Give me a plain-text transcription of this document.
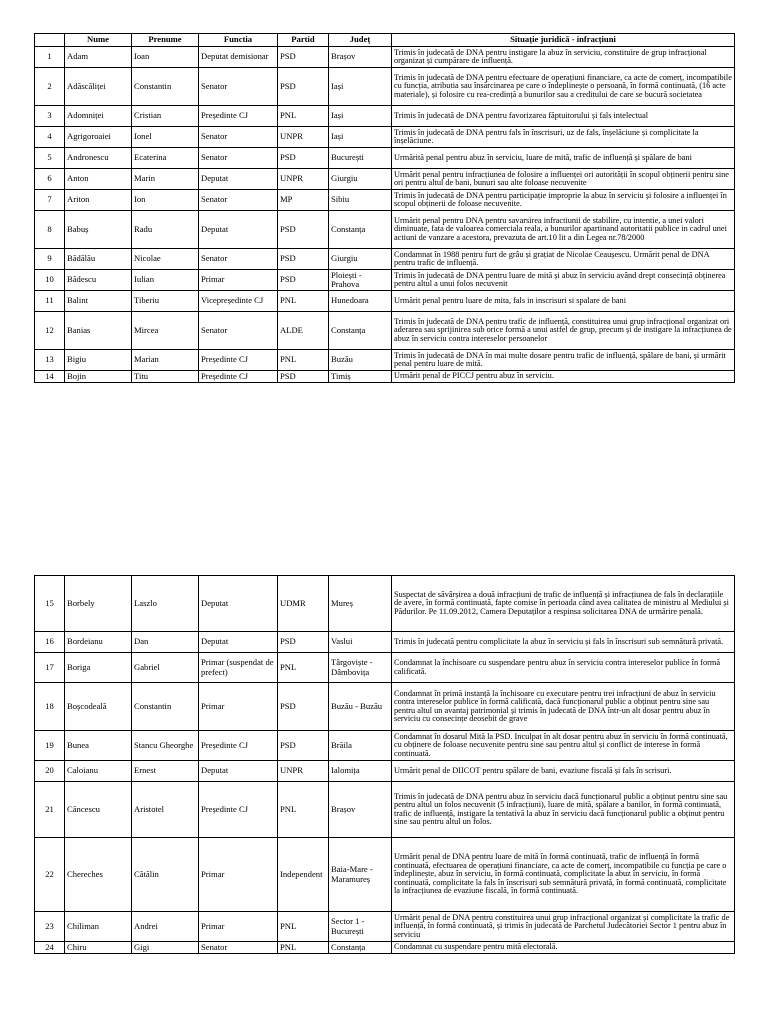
	Nume	Prenume	Functia	Partid	Județ	Situație juridică - infracțiuni
1	Adam	Ioan	Deputat demisionar	PSD	Brașov	Trimis în judecată de DNA pentru instigare la abuz în serviciu, constituire de grup infracțional organizat și cumpărare de influență.
2	Adăscăliței	Constantin	Senator	PSD	Iași	Trimis în judecată de DNA pentru efectuare de operațiuni financiare, ca acte de comerț, incompatibile cu funcția, atributia sau însărcinarea pe care o îndeplinește o persoană, în formă continuată, (16 acte materiale), și folosire cu rea-credință a bunurilor sau a creditului de care se bucură societatea
3	Adomniței	Cristian	Președinte CJ	PNL	Iași	Trimis în judecată de DNA pentru favorizarea făptuitorului și fals intelectual
4	Agrigoroaiei	Ionel	Senator	UNPR	Iași	Trimis în judecată de DNA pentru fals în înscrisuri, uz de fals, înșelăciune și complicitate la înșelăciune.
5	Andronescu	Ecaterina	Senator	PSD	București	Urmărită penal pentru abuz în serviciu, luare de mită, trafic de influență și spălare de bani
6	Anton	Marin	Deputat	UNPR	Giurgiu	Urmărit penal pentru infracțiunea de folosire a influenței ori autorității în scopul obținerii pentru sine ori pentru altul de bani, bunuri sau alte foloase necuvenite
7	Ariton	Ion	Senator	MP	Sibiu	Trimis în judecată de DNA pentru participație improprie la abuz în serviciu și folosire a influenței în scopul obținerii de foloase necuvenite.
8	Babuș	Radu	Deputat	PSD	Constanța	Urmărit penal pentru DNA pentru savarsirea infractiunii de stabilire, cu intentie, a unei valori diminuate, fata de valoarea comerciala reala, a bunurilor apartinand autoritatii publice in cadrul unei actiuni de vanzare a acestora, prevazuta de art.10 lit a din Legea nr.78/2000
9	Bădălău	Nicolae	Senator	PSD	Giurgiu	Condamnat în 1988 pentru furt de grâu și grațiat de Nicolae Ceaușescu. Urmărit penal de DNA pentru trafic de influență.
10	Bădescu	Iulian	Primar	PSD	Ploiești - Prahova	Trimis în judecată de DNA pentru luare de mită și abuz în serviciu având drept consecință obținerea pentru altul a unui folos necuvenit
11	Balint	Tiberiu	Vicepreședinte CJ	PNL	Hunedoara	Urmărit penal pentru luare de mita, fals in inscrisuri si spalare de bani
12	Banias	Mircea	Senator	ALDE	Constanța	Trimis în judecată de DNA pentru trafic de influență, constituirea unui grup infracțional organizat ori aderarea sau sprijinirea sub orice formă a unui astfel de grup, precum și de instigare la infracțiunea de abuz în serviciu contra intereselor persoanelor
13	Bigiu	Marian	Președinte CJ	PNL	Buzău	Trimis în judecată de DNA în mai multe dosare pentru trafic de influență, spălare de bani, și urmărit penal pentru luare de mită.
14	Bojin	Titu	Președinte CJ	PSD	Timiș	Urmărit penal de PICCJ pentru abuz în serviciu.
15	Borbely	Laszlo	Deputat	UDMR	Mureș	Suspectat de săvârșirea a două infracțiuni de trafic de influență și infracțiunea de fals în declarațiile de avere, în formă continuată, fapte comise în perioada când avea calitatea de ministru al Mediului și Pădurilor. Pe 11.09.2012, Camera Deputaților a respinsa solicitarea DNA de urmărire penală.
16	Bordeianu	Dan	Deputat	PSD	Vaslui	Trimis în judecată pentru complicitate la abuz în serviciu și fals în înscrisuri sub semnătură privată.
17	Boriga	Gabriel	Primar (suspendat de prefect)	PNL	Târgoviște - Dâmbovița	Condamnat la închisoare cu suspendare pentru abuz în serviciu contra intereselor publice în formă calificată.
18	Boșcodeală	Constantin	Primar	PSD	Buzău - Buzău	Condamnat în primă instanță la închisoare cu executare pentru trei infracțiuni de abuz în serviciu contra intereselor publice în formă calificată, dacă funcționarul public a obținut pentru sine sau pentru altul un avantaj patrimonial și trimis în judecată de DNA într-un alt dosar pentru abuz în serviciu cu consecințe deosebit de grave
19	Bunea	Stancu Gheorghe	Președinte CJ	PSD	Brăila	Condamnat în dosarul Mită la PSD. Inculpat în alt dosar pentru abuz în serviciu în formă continuată, cu obținere de foloase necuvenite pentru sine sau pentru altul și conflict de interese în formă continuată.
20	Caloianu	Ernest	Deputat	UNPR	Ialomița	Urmărit penal de DIICOT pentru spălare de bani, evaziune fiscală și fals în scrisuri.
21	Căncescu	Aristotel	Președinte CJ	PNL	Brașov	Trimis în judecată de DNA pentru abuz în serviciu dacă funcționarul public a obținut pentru sine sau pentru altul un folos necuvenit (5 infracțiuni), luare de mită, spălare a banilor, în formă continuată, trafic de influență, instigare la tentativă la abuz în serviciu dacă funcționarul public a obținut pentru sine sau pentru altul un folos.
22	Chereches	Cătălin	Primar	Independent	Baia-Mare - Maramureș	Urmărit penal de DNA pentru luare de mită în formă continuată, trafic de influență în formă continuată, efectuarea de operațiuni financiare, ca acte de comerț, incompatibile cu funcția pe care o îndeplinește, abuz în serviciu, în formă continuată, complicitate la abuz în serviciu, în formă continuată, complicitate la fals în înscrisuri sub semnătură privată, în formă continuată, complicitate la infracțiunea de evaziune fiscală, în formă continuată.
23	Chiliman	Andrei	Primar	PNL	Sector 1 - București	Urmărit penal de DNA pentru constituirea unui grup infracțional organizat și complicitate la trafic de influență, în formă continuată, și trimis în judecată de Parchetul Judecătoriei Sector 1 pentru abuz în serviciu
24	Chiru	Gigi	Senator	PNL	Constanța	Condamnat cu suspendare pentru mită electorală.
